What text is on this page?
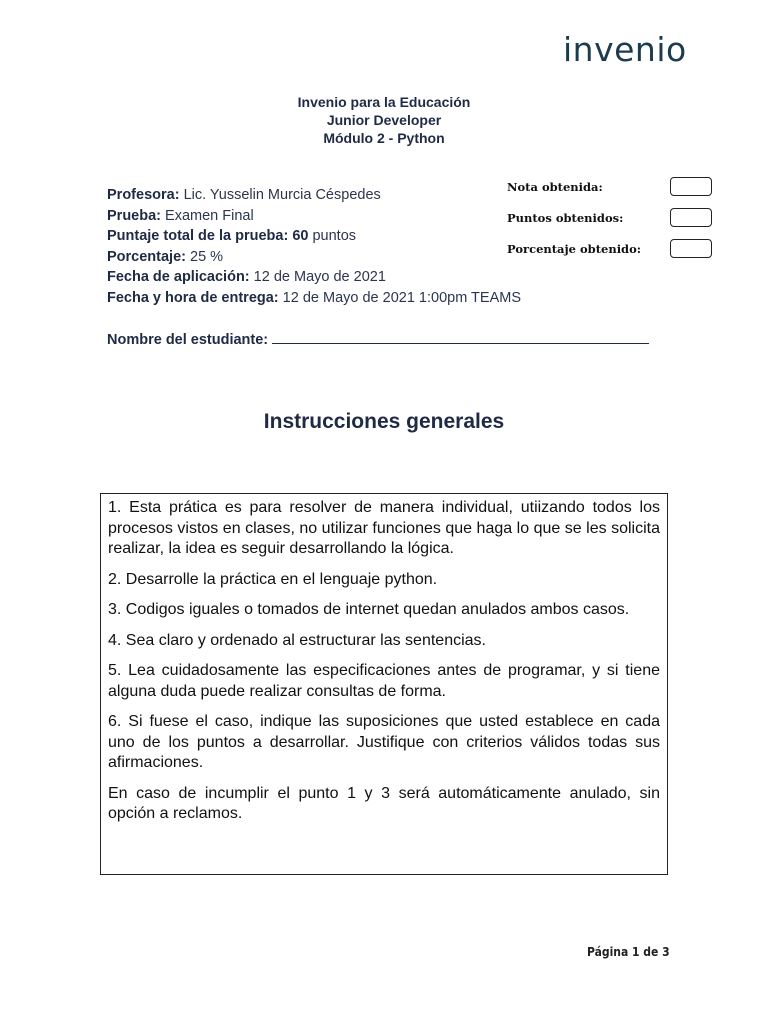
invenio
Invenio para la Educación
Junior Developer
Módulo 2 - Python
Profesora: Lic. Yusselin Murcia Céspedes
Prueba: Examen Final
Puntaje total de la prueba: 60 puntos
Porcentaje: 25 %
Fecha de aplicación: 12 de Mayo de 2021
Fecha y hora de entrega: 12 de Mayo de 2021 1:00pm TEAMS
Nota obtenida:
Puntos obtenidos:
Porcentaje obtenido:
Nombre del estudiante:
Instrucciones generales

1. Esta prática es para resolver de manera individual, utiizando todos los procesos vistos en clases, no utilizar funciones que haga lo que se les solicita realizar, la idea es seguir desarrollando la lógica.

2. Desarrolle la práctica en el lenguaje python.

3. Codigos iguales o tomados de internet quedan anulados ambos casos.

4. Sea claro y ordenado al estructurar las sentencias.

5. Lea cuidadosamente las especificaciones antes de programar, y si tiene alguna duda puede realizar consultas de forma.

6. Si fuese el caso, indique las suposiciones que usted establece en cada uno de los puntos a desarrollar. Justifique con criterios válidos todas sus afirmaciones.

En caso de incumplir el punto 1 y 3 será automáticamente anulado, sin opción a reclamos.

Página 1 de 3
